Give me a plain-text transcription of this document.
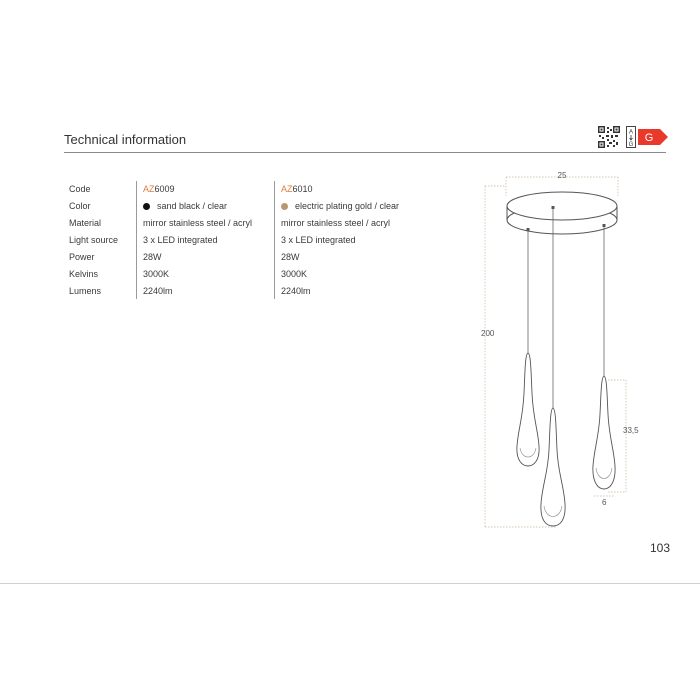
Technical information	A
G
G
Code	AZ6009	AZ6010
Color	sand black / clear	electric plating gold / clear
Material	mirror stainless steel / acryl	mirror stainless steel / acryl
Light source	3 x LED integrated	3 x LED integrated
Power	28W	28W
Kelvins	3000K	3000K
Lumens	2240lm	2240lm
25
200
33,5
6
103
